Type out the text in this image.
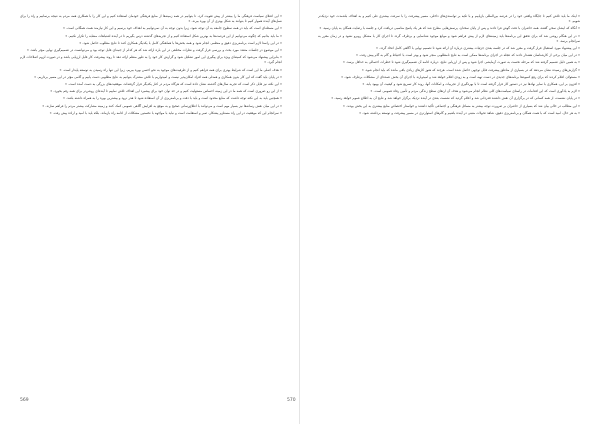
« این اعتلای سیاست فرهنگی ما را بیشتر از پیش تقویت کرد، تا بتوانیم در همه زمینه‌ها از منابع فرهنگی خودمان استفاده کنیم و این کار را با همکاری همه مردم به نتیجه برسانیم و راه را برای نسل‌های آینده هموار کنیم تا بتوانند به شکل بهتری از آن بهره ببرند. »

« این مسئله‌ای است که باید در همه سطوح جامعه به آن توجه شود، زیرا بدون توجه به آن نمی‌توانیم به اهداف خود برسیم و این کار نیازمند همت همگانی است. »

« ما باید بدانیم که چگونه می‌توانیم از این فرصت‌ها به بهترین شکل استفاده کنیم و از تجربه‌های گذشته درس بگیریم تا در آینده اشتباهات مشابه را تکرار نکنیم. »

« در این راستا لازم است برنامه‌ریزی دقیق و منظمی انجام شود و همه بخش‌ها با هماهنگی کامل با یکدیگر همکاری کنند تا نتایج مطلوب حاصل شود. »

« این موضوع در جلسات متعدد مورد بحث و بررسی قرار گرفت و نظرات مختلفی در این باره ارائه شد که هر کدام از جنبه‌ای قابل توجه بود و می‌توانست در تصمیم‌گیری نهایی مؤثر باشد. »

« بنابراین پیشنهاد می‌شود که کمیته‌ای ویژه برای پیگیری این امور تشکیل شود و گزارش کار خود را به طور منظم ارائه دهد تا روند پیشرفت کار قابل ارزیابی باشد و در صورت لزوم اصلاحات لازم انجام گیرد. »

« هدف اصلی ما این است که شرایط بهتری برای همه فراهم کنیم و از ظرفیت‌های موجود به نحو احسن بهره ببریم، زیرا این تنها راه رسیدن به توسعه پایدار است. »

« در پایان باید گفت که این کار بدون همکاری و همدلی همه افراد امکان‌پذیر نیست و امیدواریم با تلاش مشترک بتوانیم به نتایج مطلوبی دست یابیم و گامی مؤثر در این مسیر برداریم. »

« این نکته نیز قابل ذکر است که تجربه سال‌های گذشته نشان داده است که هرگاه مردم در کنار یکدیگر قرار گرفته‌اند، موفقیت‌های بزرگی به دست آمده است. »

« از این رو ضروری است که همه ما در این زمینه احساس مسئولیت کنیم و در حد توان خود برای پیشبرد این اهداف تلاش نماییم تا آینده‌ای روشن‌تر برای همه رقم بخورد. »

« همچنین باید به این نکته توجه داشت که منابع محدود است و باید با دقت و برنامه‌ریزی از آن استفاده شود تا هدر نرود و بیشترین بهره را به همراه داشته باشد. »

« در این میان نقش رسانه‌ها نیز بسیار مهم است و می‌توانند با اطلاع‌رسانی صحیح و به موقع به افزایش آگاهی عمومی کمک کنند و زمینه مشارکت بیشتر مردم را فراهم سازند. »

« سرانجام این که موفقیت در این راه مستلزم پشتکار، صبر و استقامت است و نباید با مواجهه با نخستین مشکلات از ادامه راه بازماند، بلکه باید با امید و اراده پیش رفت. »

« اینک ما باید تلاش کنیم تا جایگاه واقعی خود را در عرصه بین‌المللی بازیابیم و با تکیه بر توانمندی‌های داخلی، مسیر پیشرفت را با سرعت بیشتری طی کنیم و به اهداف بلندمدت خود نزدیک‌تر شویم. »

« آنگاه که ایشان سخن گفتند، همه حاضران با دقت گوش فرا دادند و پس از پایان سخنان، پرسش‌هایی مطرح شد که هر یک پاسخ مناسبی دریافت کرد و جلسه با رضایت همگان به پایان رسید. »

« در این هنگام روشن شد که برای تحقق این برنامه‌ها باید زمینه‌های لازم از پیش فراهم شود و موانع موجود شناسایی و برطرف گردد تا اجرای کار با مشکل روبرو نشود و در زمان مقرر به سرانجام برسد. »

« این پیشنهاد مورد استقبال قرار گرفت و مقرر شد که در جلسه بعدی جزئیات بیشتری درباره آن ارائه شود تا تصمیم نهایی با آگاهی کامل اتخاذ گردد. »

« در این میان برخی از کارشناسان هشدار دادند که عجله در اجرای برنامه‌ها ممکن است به نتایج نامطلوبی منجر شود و بهتر است با احتیاط و گام به گام پیش رفت. »

« به همین دلیل تصمیم گرفته شد که مرحله نخست به صورت آزمایشی اجرا شود و پس از ارزیابی نتایج، درباره ادامه آن تصمیم‌گیری شود تا خطرات احتمالی به حداقل برسد. »

« گزارش‌های رسیده نشان می‌دهد که در بسیاری از مناطق پیشرفت قابل توجهی حاصل شده است، هرچند که هنوز کارهای زیادی باقی مانده که باید انجام شود. »

« مسئولان اعلام کردند که برای رفع کمبودها برنامه‌های جدیدی در دست تهیه است و به زودی اعلام خواهد شد و امیدوارند با اجرای آن بخش عمده‌ای از مشکلات برطرف شود. »

« افزون بر این، همکاری با سایر نهادها نیز در دستور کار قرار گرفته است تا با بهره‌گیری از تجربیات و امکانات آنها، روند کار تسریع شود و کیفیت آن بهبود یابد. »

« لازم به یادآوری است که این اقدامات در راستای سیاست‌های کلی نظام انجام می‌شود و هدف آن ارتقای سطح زندگی مردم و تأمین رفاه عمومی است. »

« در پایان نشست، از همه کسانی که در برگزاری آن نقش داشتند قدردانی شد و اعلام گردید که نشست بعدی در آینده نزدیک برگزار خواهد شد و نتایج آن به اطلاع عموم خواهد رسید. »

« این مطالب در حالی بیان شد که بسیاری از حاضران بر ضرورت توجه بیشتر به مسائل فرهنگی و اجتماعی تأکید داشتند و خواستار اختصاص منابع بیشتری به این بخش بودند. »

« به هر حال، امید است که با همت همگان و برنامه‌ریزی دقیق، شاهد تحولات مثبتی در آینده باشیم و گام‌های استوارتری در مسیر پیشرفت و توسعه برداشته شود. »

569	570
